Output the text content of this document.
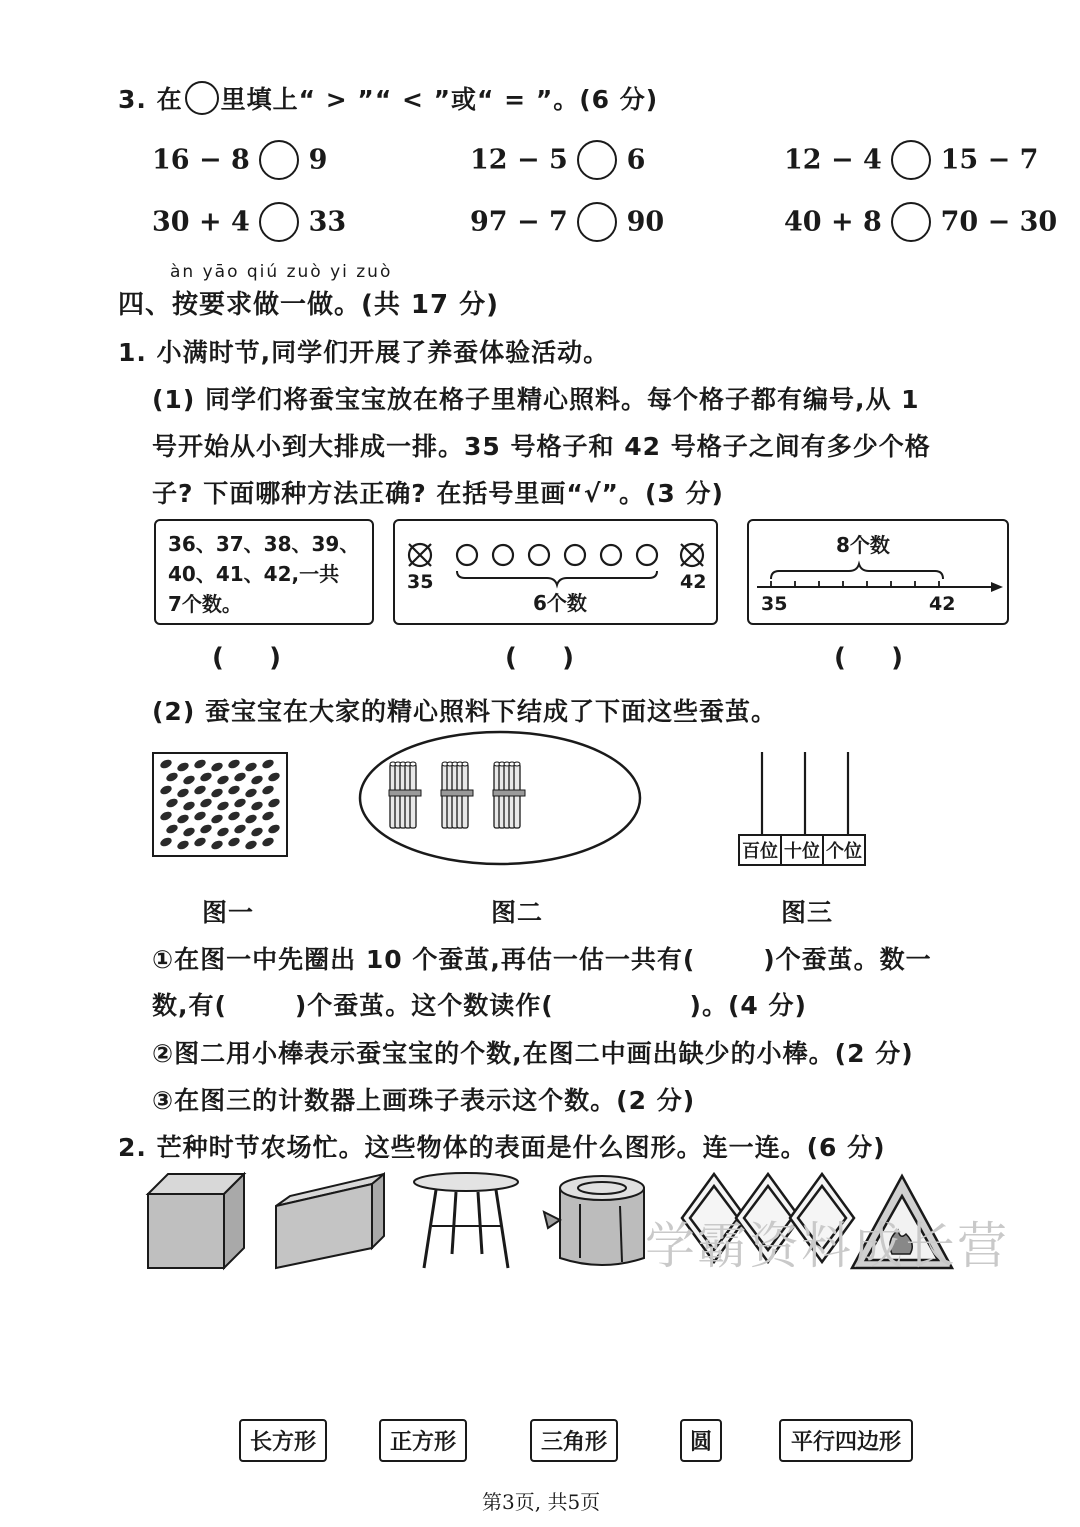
3. 在 里填上“ > ”“ < ”或“ = ”。(6 分)
16 − 8 9	12 − 5 6	12 − 4 15 − 7
30 + 4 33	97 − 7 90	40 + 8 70 − 30
àn yāo qiú zuò yi zuò
四、按要求做一做。(共 17 分)
1. 小满时节,同学们开展了养蚕体验活动。
(1) 同学们将蚕宝宝放在格子里精心照料。每个格子都有编号,从 1
号开始从小到大排成一排。35 号格子和 42 号格子之间有多少个格
子? 下面哪种方法正确? 在括号里画“√”。(3 分)
36、37、38、39、
40、41、42,一共
7个数。
35	42
6个数
8个数
35	42
(     )	(     )	(     )
(2) 蚕宝宝在大家的精心照料下结成了下面这些蚕茧。
百位 十位 个位
图一	图二	图三
①在图一中先圈出 10 个蚕茧,再估一估一共有(       )个蚕茧。数一
数,有(       )个蚕茧。这个数读作(              )。(4 分)
②图二用小棒表示蚕宝宝的个数,在图二中画出缺少的小棒。(2 分)
③在图三的计数器上画珠子表示这个数。(2 分)
2. 芒种时节农场忙。这些物体的表面是什么图形。连一连。(6 分)
学霸资料成长营
长方形	正方形	三角形	圆	平行四边形
第3页, 共5页
